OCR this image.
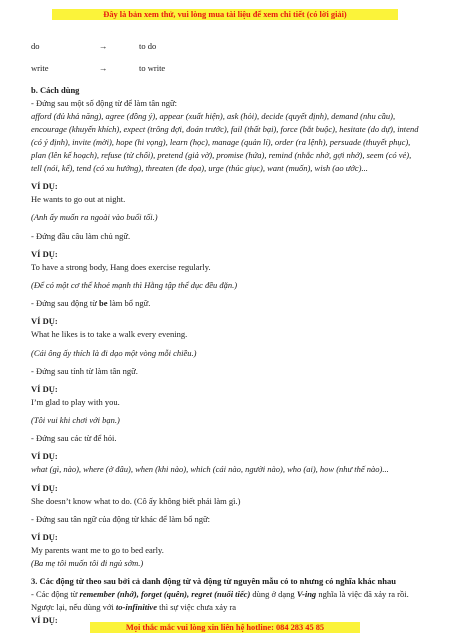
Đây là bản xem thử, vui lòng mua tài liệu để xem chi tiết (có lời giải)
do	→	to do
write	→	to write
b. Cách dùng
- Đứng sau một số động từ để làm tân ngữ:
afford (đủ khả năng), agree (đồng ý), appear (xuất hiện), ask (hỏi), decide (quyết định), demand (nhu cầu), encourage (khuyến khích), expect (trông đợi, đoán trước), fail (thất bại), force (bắt buộc), hesitate (do dự), intend (có ý định), invite (mời), hope (hi vọng), learn (học), manage (quản lí), order (ra lệnh), persuade (thuyết phục), plan (lên kế hoạch), refuse (từ chối), pretend (giả vờ), promise (hứa), remind (nhắc nhở, gợi nhớ), seem (có vẻ), tell (nói, kể), tend (có xu hướng), threaten (đe dọa), urge (thúc giục), want (muốn), wish (ao ước)...
VÍ DỤ:
He wants to go out at night.
(Anh ấy muốn ra ngoài vào buổi tối.)
- Đứng đầu câu làm chủ ngữ.
VÍ DỤ:
To have a strong body, Hang does exercise regularly.
(Để có một cơ thể khoẻ mạnh thì Hằng tập thể dục đều đặn.)
- Đứng sau động từ be làm bổ ngữ.
VÍ DỤ:
What he likes is to take a walk every evening.
(Cái ông ấy thích là đi dạo một vòng mỗi chiều.)
- Đứng sau tính từ làm tân ngữ.
VÍ DỤ:
I’m glad to play with you.
(Tôi vui khi chơi với bạn.)
- Đứng sau các từ để hỏi.
VÍ DỤ:
what (gì, nào), where (ở đâu), when (khi nào), which (cái nào, người nào), who (ai), how (như thế nào)...
VÍ DỤ:
She doesn’t know what to do. (Cô ấy không biết phải làm gì.)
- Đứng sau tân ngữ của động từ khác để làm bổ ngữ:
VÍ DỤ:
My parents want me to go to bed early.
(Ba mẹ tôi muốn tôi đi ngủ sớm.)
3. Các động từ theo sau bởi cả danh động từ và động từ nguyên mẫu có to nhưng có nghĩa khác nhau
- Các động từ remember (nhớ), forget (quên), regret (nuối tiếc) dùng ở dạng V-ing nghĩa là việc đã xảy ra rồi. Ngược lại, nếu dùng với to-infinitive thì sự việc chưa xảy ra
VÍ DỤ:
Mọi thắc mắc vui lòng xin liên hệ hotline: 084 283 45 85
